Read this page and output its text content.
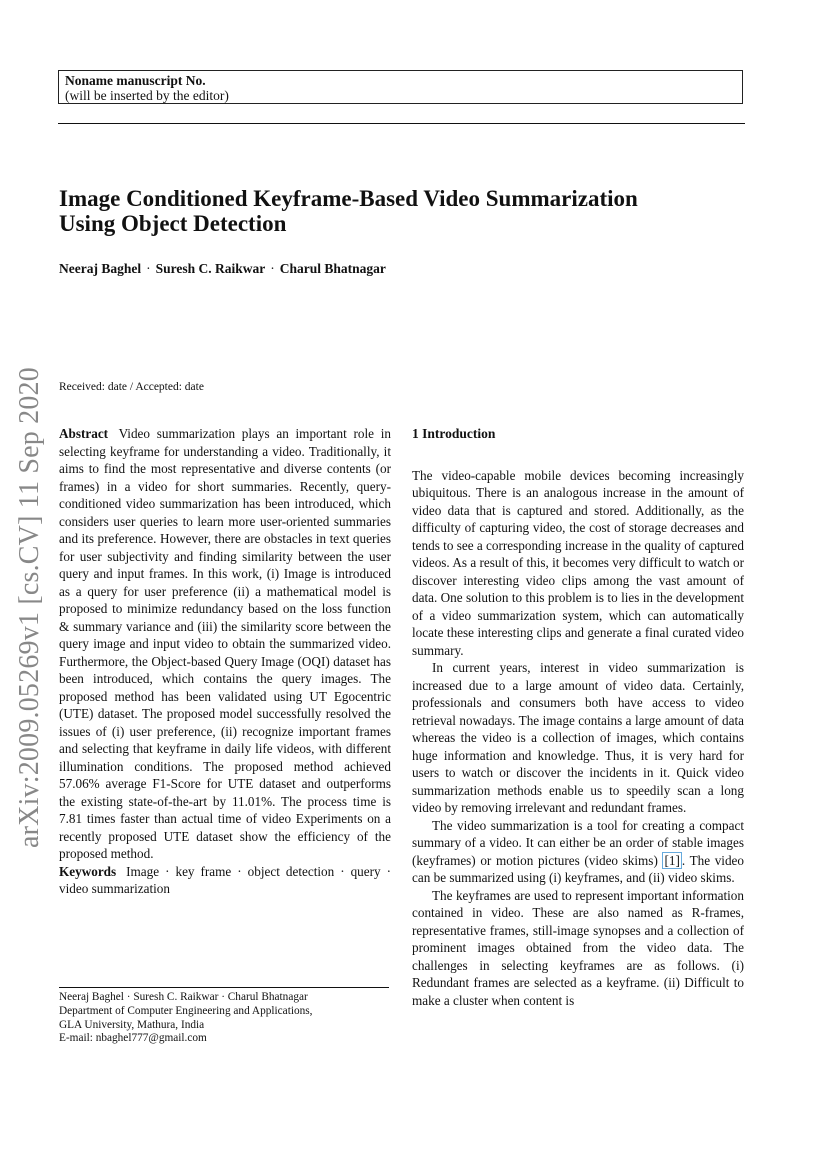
Noname manuscript No.
(will be inserted by the editor)
Image Conditioned Keyframe-Based Video Summarization
Using Object Detection
Neeraj Baghel · Suresh C. Raikwar · Charul Bhatnagar
arXiv:2009.05269v1 [cs.CV] 11 Sep 2020 Received: date / Accepted: date

Abstract Video summarization plays an important role in selecting keyframe for understanding a video. Traditionally, it aims to find the most representative and diverse contents (or frames) in a video for short summaries. Recently, query-conditioned video summarization has been introduced, which considers user queries to learn more user-oriented summaries and its preference. However, there are obstacles in text queries for user subjectivity and finding similarity between the user query and input frames. In this work, (i) Image is introduced as a query for user preference (ii) a mathematical model is proposed to minimize redundancy based on the loss function & summary variance and (iii) the similarity score between the query image and input video to obtain the summarized video. Furthermore, the Object-based Query Image (OQI) dataset has been introduced, which contains the query images. The proposed method has been validated using UT Egocentric (UTE) dataset. The proposed model successfully resolved the issues of (i) user preference, (ii) recognize important frames and selecting that keyframe in daily life videos, with different illumination conditions. The proposed method achieved 57.06% average F1-Score for UTE dataset and outperforms the existing state-of-the-art by 11.01%. The process time is 7.81 times faster than actual time of video Experiments on a recently proposed UTE dataset show the efficiency of the proposed method.

Keywords Image · key frame · object detection · query · video summarization

Neeraj Baghel · Suresh C. Raikwar · Charul Bhatnagar
Department of Computer Engineering and Applications,
GLA University, Mathura, India
E-mail: nbaghel777@gmail.com
1 Introduction

The video-capable mobile devices becoming increasingly ubiquitous. There is an analogous increase in the amount of video data that is captured and stored. Additionally, as the difficulty of capturing video, the cost of storage decreases and tends to see a corresponding increase in the quality of captured videos. As a result of this, it becomes very difficult to watch or discover interesting video clips among the vast amount of data. One solution to this problem is to lies in the development of a video summarization system, which can automatically locate these interesting clips and generate a final curated video summary.

In current years, interest in video summarization is increased due to a large amount of video data. Certainly, professionals and consumers both have access to video retrieval nowadays. The image contains a large amount of data whereas the video is a collection of images, which contains huge information and knowledge. Thus, it is very hard for users to watch or discover the incidents in it. Quick video summarization methods enable us to speedily scan a long video by removing irrelevant and redundant frames.

The video summarization is a tool for creating a compact summary of a video. It can either be an order of stable images (keyframes) or motion pictures (video skims) [1] . The video can be summarized using (i) keyframes, and (ii) video skims.

The keyframes are used to represent important information contained in video. These are also named as R-frames, representative frames, still-image synopses and a collection of prominent images obtained from the video data. The challenges in selecting keyframes are as follows. (i) Redundant frames are selected as a keyframe. (ii) Difficult to make a cluster when content is
